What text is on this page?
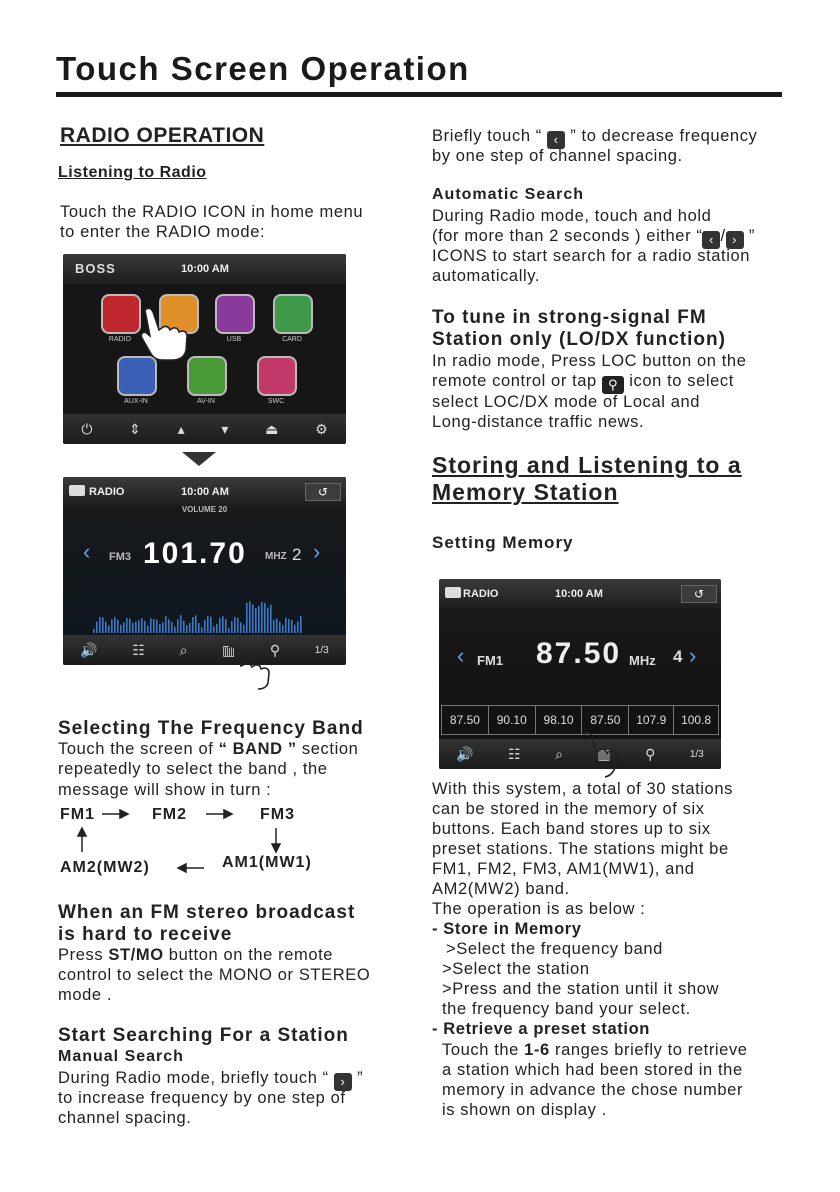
Touch Screen Operation
RADIO OPERATION
Listening to Radio
Touch the RADIO ICON in home menu
to enter the RADIO mode:
BOSS	10:00 AM
RADIO	USB	CARD
AUX-IN	AV-IN	SWC
⏻	⇕	▴	▾	⏏	⚙
RADIO	10:00 AM	↺
VOLUME 20
‹ FM3 101.70 MHZ 2 ›
🔊 ☷ ⌕ ▥ ⚲	1/3
Selecting The Frequency Band
Touch the screen of “ BAND ” section
repeatedly to select the band , the
message will show in turn :
FM1	FM2	FM3
AM1(MW1)
AM2(MW2)
When an FM stereo broadcast
is hard to receive
Press ST/MO button on the remote
control to select the MONO or STEREO
mode .
Start Searching For a Station
Manual Search
During Radio mode, briefly touch “ › ”
to increase frequency by one step of
channel spacing.
Briefly touch “ ‹ ” to decrease frequency
by one step of channel spacing.
Automatic Search
During Radio mode, touch and hold
(for more than 2 seconds ) either “ ‹ / › ”
ICONS to start search for a radio station
automatically.
To tune in strong-signal FM
Station only (LO/DX function)
In radio mode, Press LOC button on the
remote control or tap ⚲ icon to select
select LOC/DX mode of Local and
Long-distance traffic news.
Storing and Listening to a
Memory Station
Setting Memory
RADIO	10:00 AM	↺
‹ FM1 87.50 MHz 4 ›
87.50	90.10	98.10	87.50	107.9	100.8
🔊 ☷ ⌕ ▥ ⚲	1/3
With this system, a total of 30 stations
can be stored in the memory of six
buttons. Each band stores up to six
preset stations. The stations might be
FM1, FM2, FM3, AM1(MW1), and
AM2(MW2) band.
The operation is as below :
- Store in Memory
>Select the frequency band
>Select the station
>Press and the station until it show
the frequency band your select.
- Retrieve a preset station
Touch the 1-6 ranges briefly to retrieve
a station which had been stored in the
memory in advance the chose number
is shown on display .
